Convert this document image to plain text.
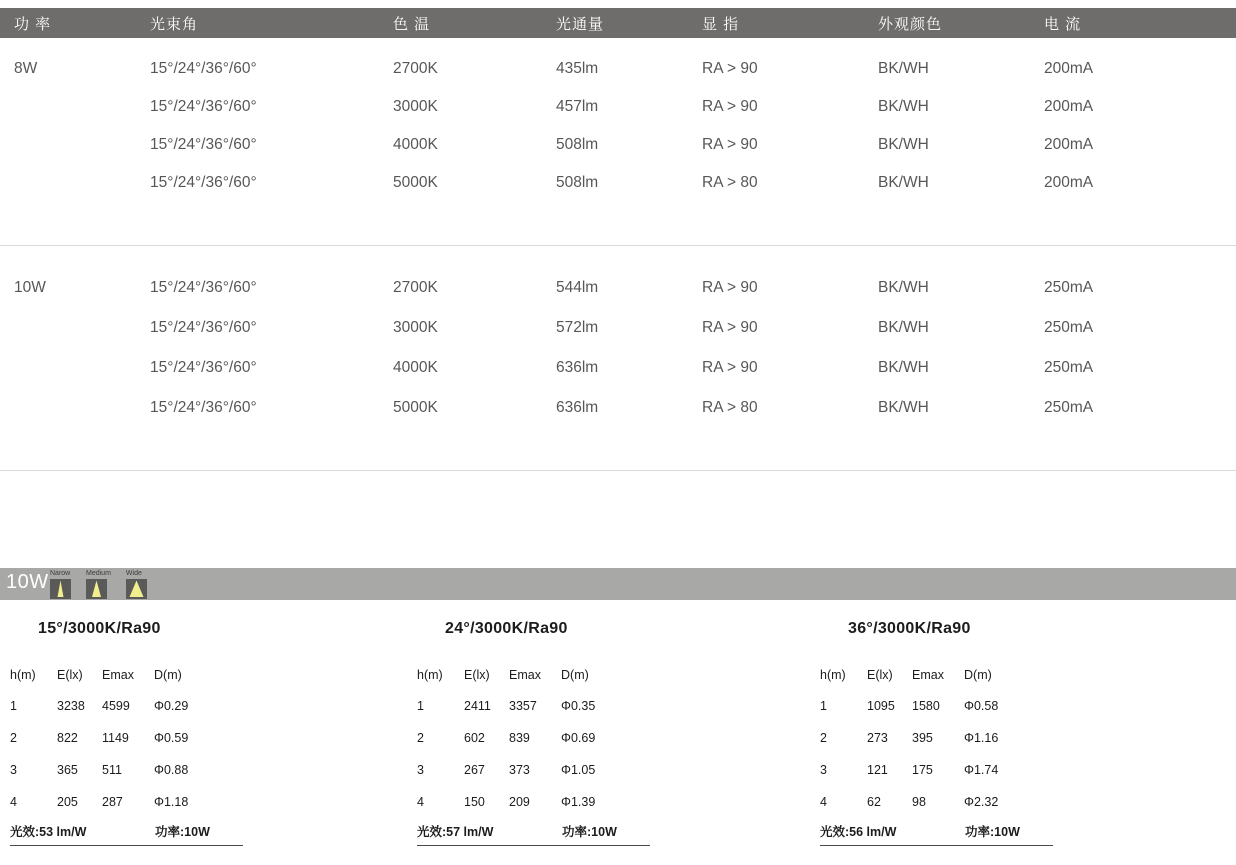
功 率	光束角	色 温	光通量	显 指	外观颜色	电 流
8W	15°/24°/36°/60°	2700K	435lm	RA > 90	BK/WH	200mA
15°/24°/36°/60°	3000K	457lm	RA > 90	BK/WH	200mA
15°/24°/36°/60°	4000K	508lm	RA > 90	BK/WH	200mA
15°/24°/36°/60°	5000K	508lm	RA > 80	BK/WH	200mA
10W	15°/24°/36°/60°	2700K	544lm	RA > 90	BK/WH	250mA
15°/24°/36°/60°	3000K	572lm	RA > 90	BK/WH	250mA
15°/24°/36°/60°	4000K	636lm	RA > 90	BK/WH	250mA
15°/24°/36°/60°	5000K	636lm	RA > 80	BK/WH	250mA
10W Narow Medium Wide
15°/3000K/Ra90
h(m)	E(lx)	Emax	D(m)
1	3238	4599	Φ0.29
2	822	1149	Φ0.59
3	365	511	Φ0.88
4	205	287	Φ1.18
光效:53 lm/W	功率:10W
24°/3000K/Ra90
h(m)	E(lx)	Emax	D(m)
1	2411	3357	Φ0.35
2	602	839	Φ0.69
3	267	373	Φ1.05
4	150	209	Φ1.39
光效:57 lm/W	功率:10W
36°/3000K/Ra90
h(m)	E(lx)	Emax	D(m)
1	1095	1580	Φ0.58
2	273	395	Φ1.16
3	121	175	Φ1.74
4	62	98	Φ2.32
光效:56 lm/W	功率:10W
